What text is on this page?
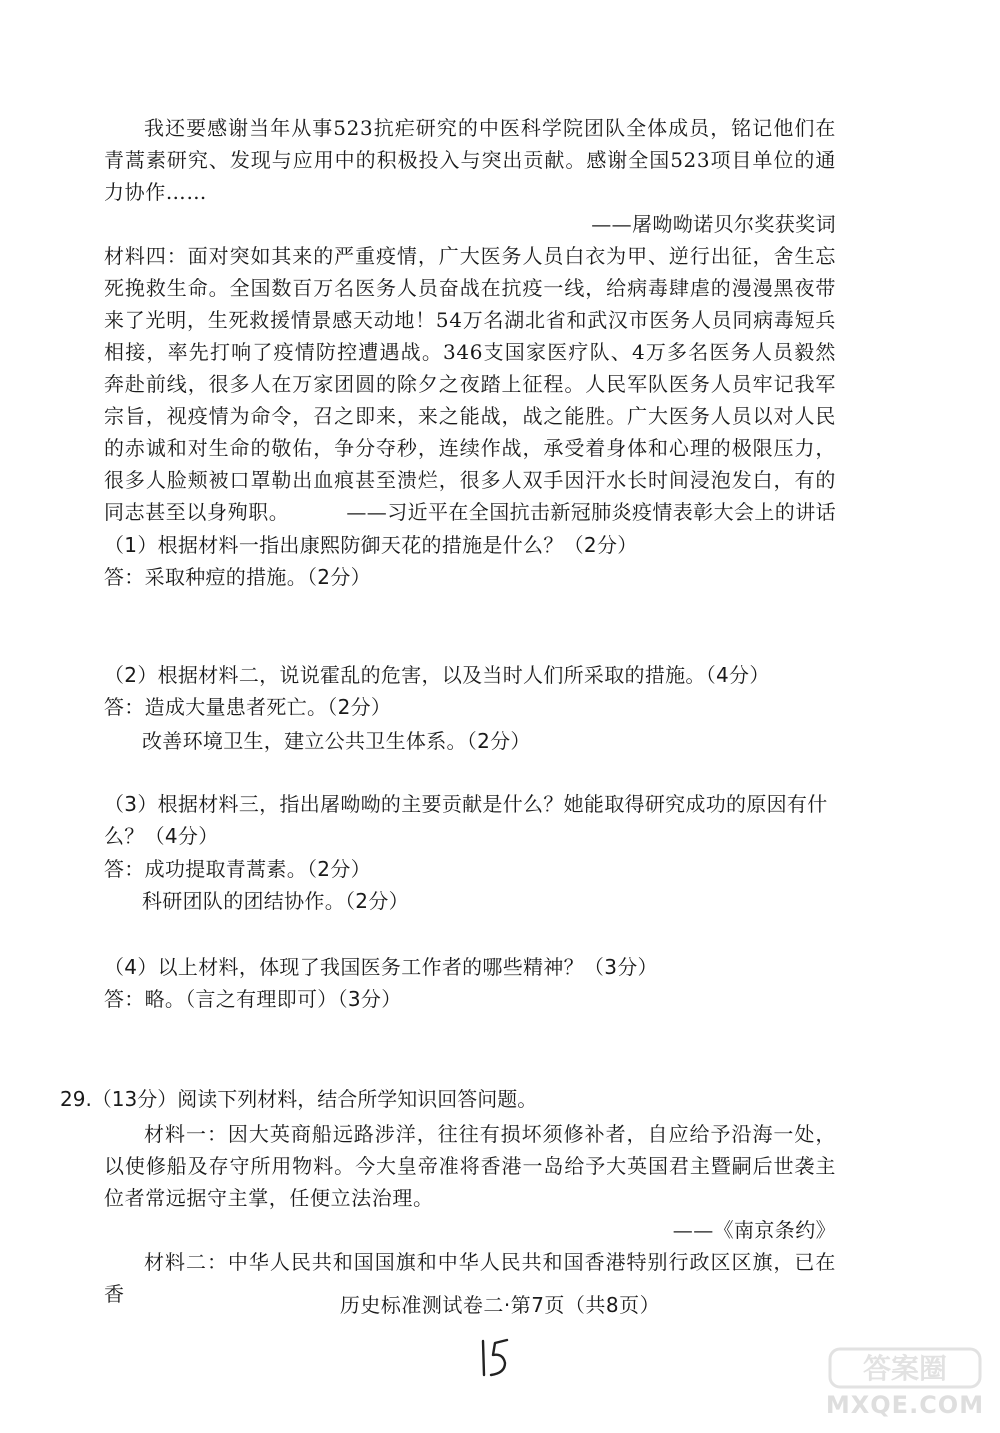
我还要感谢当年从事523抗疟研究的中医科学院团队全体成员，铭记他们在青蒿素研究、发现与应用中的积极投入与突出贡献。感谢全国523项目单位的通力协作……
——屠呦呦诺贝尔奖获奖词
材料四：面对突如其来的严重疫情，广大医务人员白衣为甲、逆行出征，舍生忘死挽救生命。全国数百万名医务人员奋战在抗疫一线，给病毒肆虐的漫漫黑夜带来了光明，生死救援情景感天动地！54万名湖北省和武汉市医务人员同病毒短兵相接，率先打响了疫情防控遭遇战。346支国家医疗队、4万多名医务人员毅然奔赴前线，很多人在万家团圆的除夕之夜踏上征程。人民军队医务人员牢记我军宗旨，视疫情为命令，召之即来，来之能战，战之能胜。广大医务人员以对人民的赤诚和对生命的敬佑，争分夺秒，连续作战，承受着身体和心理的极限压力，很多人脸颊被口罩勒出血痕甚至溃烂，很多人双手因汗水长时间浸泡发白，有的同志甚至以身殉职。	——习近平在全国抗击新冠肺炎疫情表彰大会上的讲话
（1）根据材料一指出康熙防御天花的措施是什么？（2分）
答：采取种痘的措施。（2分）
（2）根据材料二，说说霍乱的危害，以及当时人们所采取的措施。（4分）
答：造成大量患者死亡。（2分）
改善环境卫生，建立公共卫生体系。（2分）
（3）根据材料三，指出屠呦呦的主要贡献是什么？她能取得研究成功的原因有什么？（4分）
答：成功提取青蒿素。（2分）
科研团队的团结协作。（2分）
（4）以上材料，体现了我国医务工作者的哪些精神？（3分）
答：略。（言之有理即可）（3分）
29.（13分）阅读下列材料，结合所学知识回答问题。
材料一：因大英商船远路涉洋，往往有损坏须修补者，自应给予沿海一处，以使修船及存守所用物料。今大皇帝准将香港一岛给予大英国君主暨嗣后世袭主位者常远据守主掌，任便立法治理。
——《南京条约》
材料二：中华人民共和国国旗和中华人民共和国香港特别行政区区旗，已在香	历史标准测试卷二·第7页（共8页）
答案圈
MXQE.COM
